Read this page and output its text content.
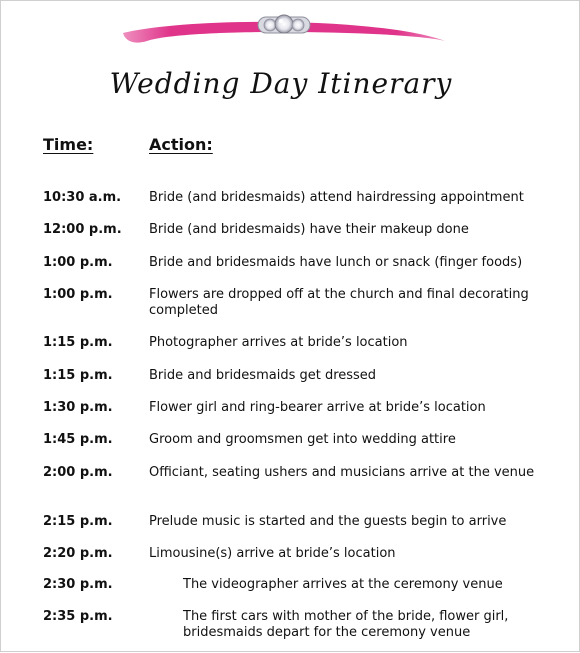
Wedding Day Itinerary
Time:	Action:
10:30 a.m. Bride (and bridesmaids) attend hairdressing appointment
12:00 p.m. Bride (and bridesmaids) have their makeup done
1:00 p.m.	Bride and bridesmaids have lunch or snack (finger foods)
1:00 p.m.	Flowers are dropped off at the church and final decorating completed
1:15 p.m.	Photographer arrives at bride’s location
1:15 p.m.	Bride and bridesmaids get dressed
1:30 p.m.	Flower girl and ring-bearer arrive at bride’s location
1:45 p.m.	Groom and groomsmen get into wedding attire
2:00 p.m.	Officiant, seating ushers and musicians arrive at the venue
2:15 p.m.	Prelude music is started and the guests begin to arrive
2:20 p.m.	Limousine(s) arrive at bride’s location
2:30 p.m.	The videographer arrives at the ceremony venue
2:35 p.m.	The first cars with mother of the bride, flower girl, bridesmaids depart for the ceremony venue
